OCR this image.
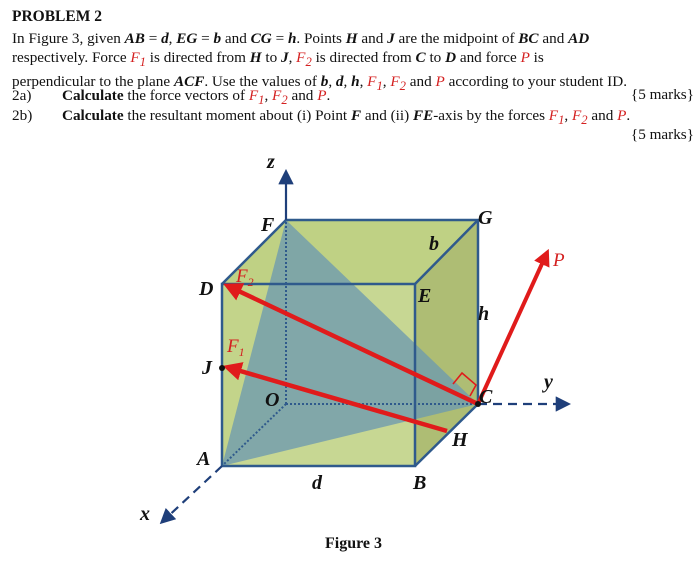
PROBLEM 2
In Figure 3, given AB = d, EG = b and CG = h. Points H and J are the midpoint of BC and AD
respectively. Force $F_1$ is directed from H to J, $F_2$ is directed from C to D and force P is
perpendicular to the plane ACF. Use the values of b, d, h, $F_1$, $F_2$ and P according to your student ID.
2a) Calculate the force vectors of $F_1$, $F_2$ and P.	{5 marks}
2b) Calculate the resultant moment about (i) Point F and (ii) FE-axis by the forces $F_1$, $F_2$ and P.
{5 marks}
z
F	G
b
D	E
h
J
O	C
y
H
A
d	B
x
P
$F_2$
$F_1$
Figure 3
